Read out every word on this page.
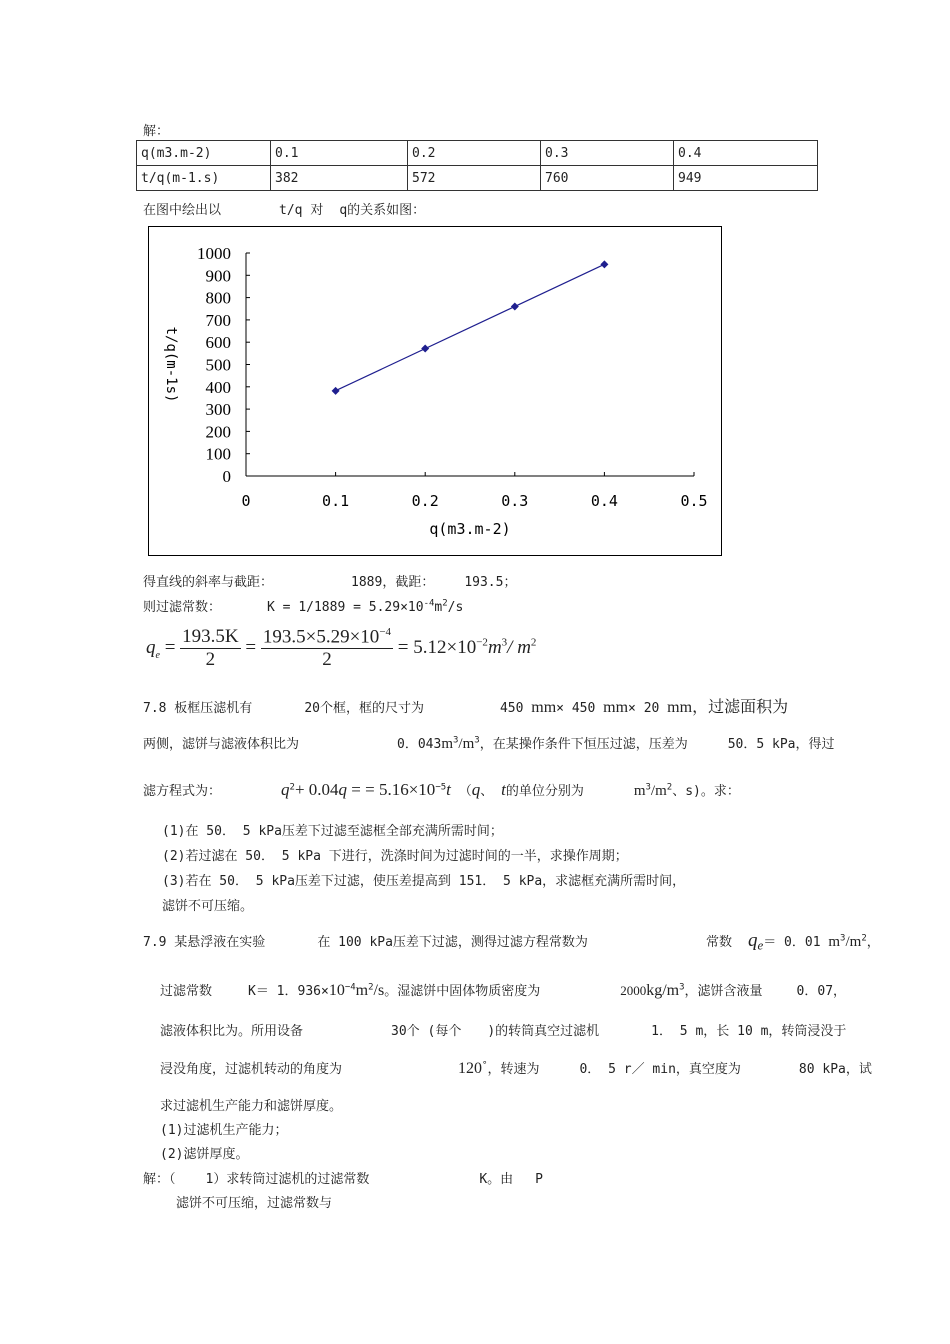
解：
q(m3.m-2)	0.1	0.2	0.3	0.4
t/q(m-1.s)	382	572	760	949
在图中绘出以	t/q 对 q的关系如图：
0
100
200
300
400
500
600
700
800
900
1000
0	0.1	0.2	0.3	0.4	0.5
q(m3.m-2)
t/q(m-1s)
得直线的斜率与截距：	1889，截距： 193.5；
则过滤常数：	$K = 1/1889 = 5.29\times 10^{-4}m^2/s$
$q_e = \frac{193.5K}{2} = \frac{193.5\times 5.29\times 10^{-4}}{2} = 5.12\times 10^{-2}m^3/$ $m^2$
7.8 板框压滤机有	20个框，框的尺寸为	450 mm× 450 mm× 20 mm，过滤面积为
两侧，滤饼与滤液体积比为	0．$043m^3/m^3$，在某操作条件下恒压过滤，压差为	50．5 kPa，得过
滤方程式为：	$q^2+ 0.04q$ = = $5.16\times 10^{-5}t$ （q、 t的单位分别为	$m^3/m^2$、s)。求：
(1)在 50． 5 kPa压差下过滤至滤框全部充满所需时间；
(2)若过滤在 50． 5 kPa 下进行，洗涤时间为过滤时间的一半，求操作周期；
(3)若在 50． 5 kPa压差下过滤，使压差提高到 151． 5 kPa，求滤框充满所需时间，
滤饼不可压缩。
7.9 某悬浮液在实验	在 100 kPa压差下过滤，测得过滤方程常数为	常数 qe＝ 0．01 $m^3/m^2$，
过滤常数	K＝ 1．$936\times 10^{-4}m^2/s$。湿滤饼中固体物质密度为	$2000kg/m^3$，滤饼含液量	0．07，
滤液体积比为。所用设备	30个 (每个 )的转筒真空过滤机	1． 5 m，长 10 m，转筒浸没于
浸没角度，过滤机转动的角度为	120°，转速为	0． 5 r／ min，真空度为	80 kPa，试
求过滤机生产能力和滤饼厚度。
(1)过滤机生产能力；
(2)滤饼厚度。
解：（ 1）求转筒过滤机的过滤常数	K。由 P
滤饼不可压缩，过滤常数与
